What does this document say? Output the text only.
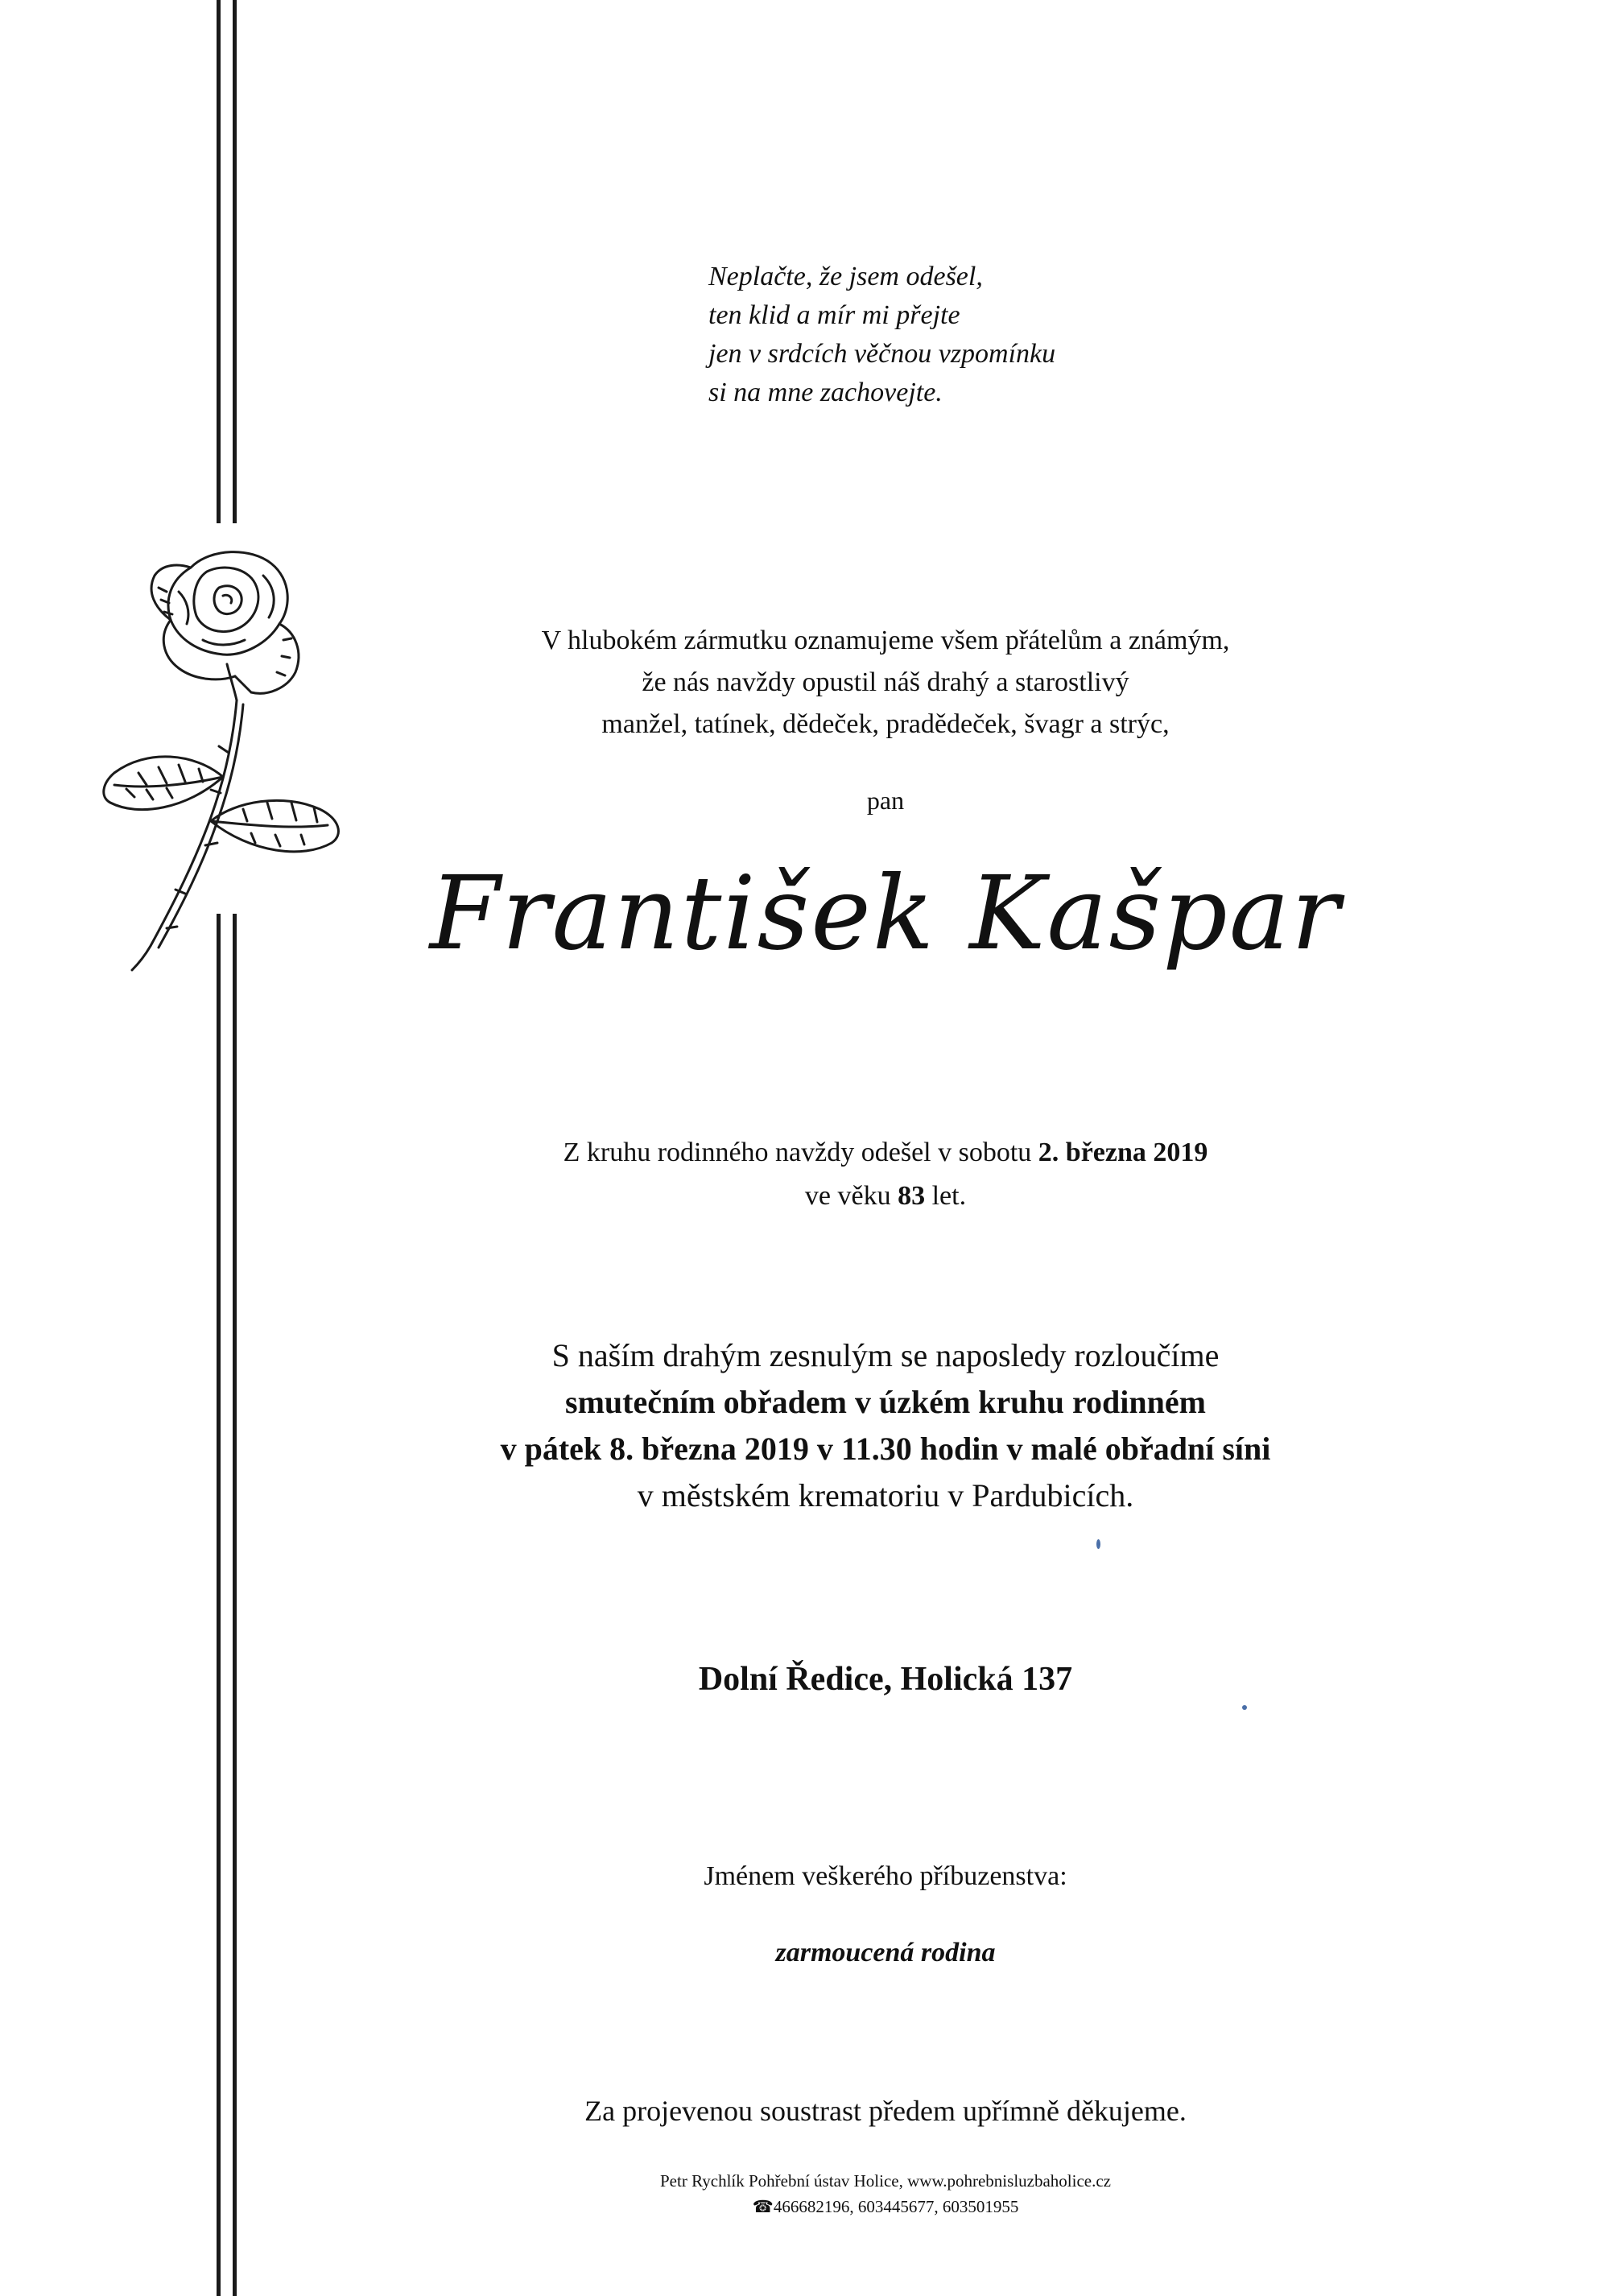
Neplačte, že jsem odešel,
ten klid a mír mi přejte
jen v srdcích věčnou vzpomínku
si na mne zachovejte.
V hlubokém zármutku oznamujeme všem přátelům a známým,
že nás navždy opustil náš drahý a starostlivý
manžel, tatínek, dědeček, pradědeček, švagr a strýc,
pan
František Kašpar
Z kruhu rodinného navždy odešel v sobotu 2. března 2019
ve věku 83 let.
S naším drahým zesnulým se naposledy rozloučíme
smutečním obřadem v úzkém kruhu rodinném
v pátek 8. března 2019 v 11.30 hodin v malé obřadní síni
v městském krematoriu v Pardubicích.
Dolní Ředice, Holická 137
Jménem veškerého příbuzenstva:
zarmoucená rodina
Za projevenou soustrast předem upřímně děkujeme.
Petr Rychlík Pohřební ústav Holice, www.pohrebnisluzbaholice.cz
☎466682196, 603445677, 603501955
